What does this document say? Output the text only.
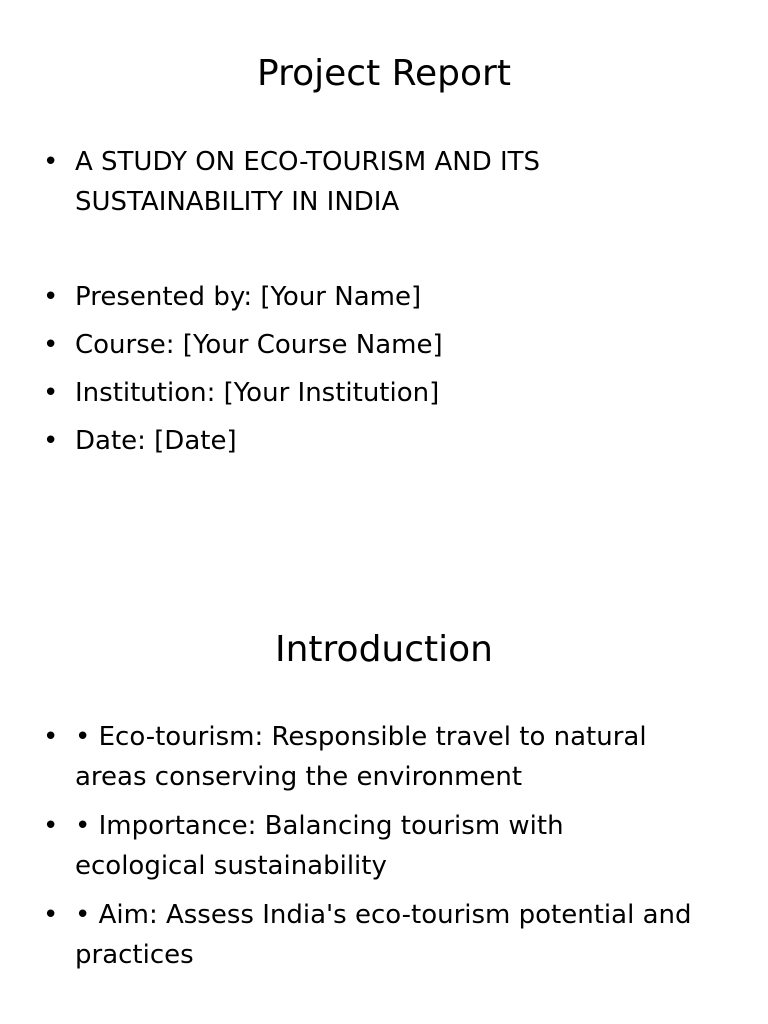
Project Report
• A STUDY ON ECO-TOURISM AND ITS SUSTAINABILITY IN INDIA
• Presented by: [Your Name]
• Course: [Your Course Name]
• Institution: [Your Institution]
• Date: [Date]
Introduction
• • Eco-tourism: Responsible travel to natural areas conserving the environment
• • Importance: Balancing tourism with ecological sustainability
• • Aim: Assess India's eco-tourism potential and practices
